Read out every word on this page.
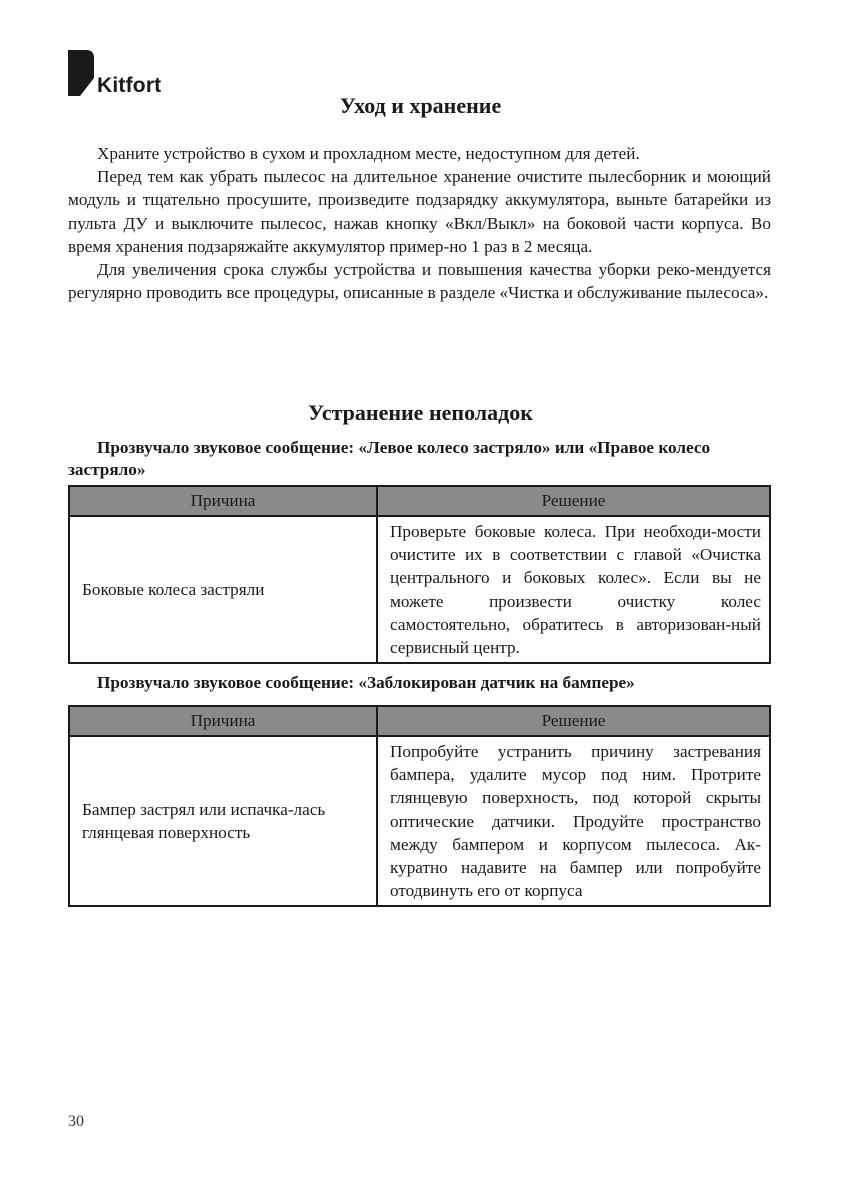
Kitfort
Уход и хранение

Храните устройство в сухом и прохладном месте, недоступном для детей.

Перед тем как убрать пылесос на длительное хранение очистите пылесборник и моющий модуль и тщательно просушите, произведите подзарядку аккумулятора, выньте батарейки из пульта ДУ и выключите пылесос, нажав кнопку «Вкл/Выкл» на боковой части корпуса. Во время хранения подзаряжайте аккумулятор пример-но 1 раз в 2 месяца.

Для увеличения срока службы устройства и повышения качества уборки реко-мендуется регулярно проводить все процедуры, описанные в разделе «Чистка и обслуживание пылесоса».

Устранение неполадок
Прозвучало звуковое сообщение: «Левое колесо застряло» или «Правое колесо застряло»
Причина	Решение
Боковые колеса застряли	Проверьте боковые колеса. При необходи-мости очистите их в соответствии с главой «Очистка центрального и боковых колес». Если вы не можете произвести очистку колес самостоятельно, обратитесь в авторизован-ный сервисный центр.
Прозвучало звуковое сообщение: «Заблокирован датчик на бампере»
Причина	Решение
Бампер застрял или испачка-лась глянцевая поверхность	Попробуйте устранить причину застревания бампера, удалите мусор под ним. Протрите глянцевую поверхность, под которой скрыты оптические датчики. Продуйте пространство между бампером и корпусом пылесоса. Ак-куратно надавите на бампер или попробуйте отодвинуть его от корпуса
30
